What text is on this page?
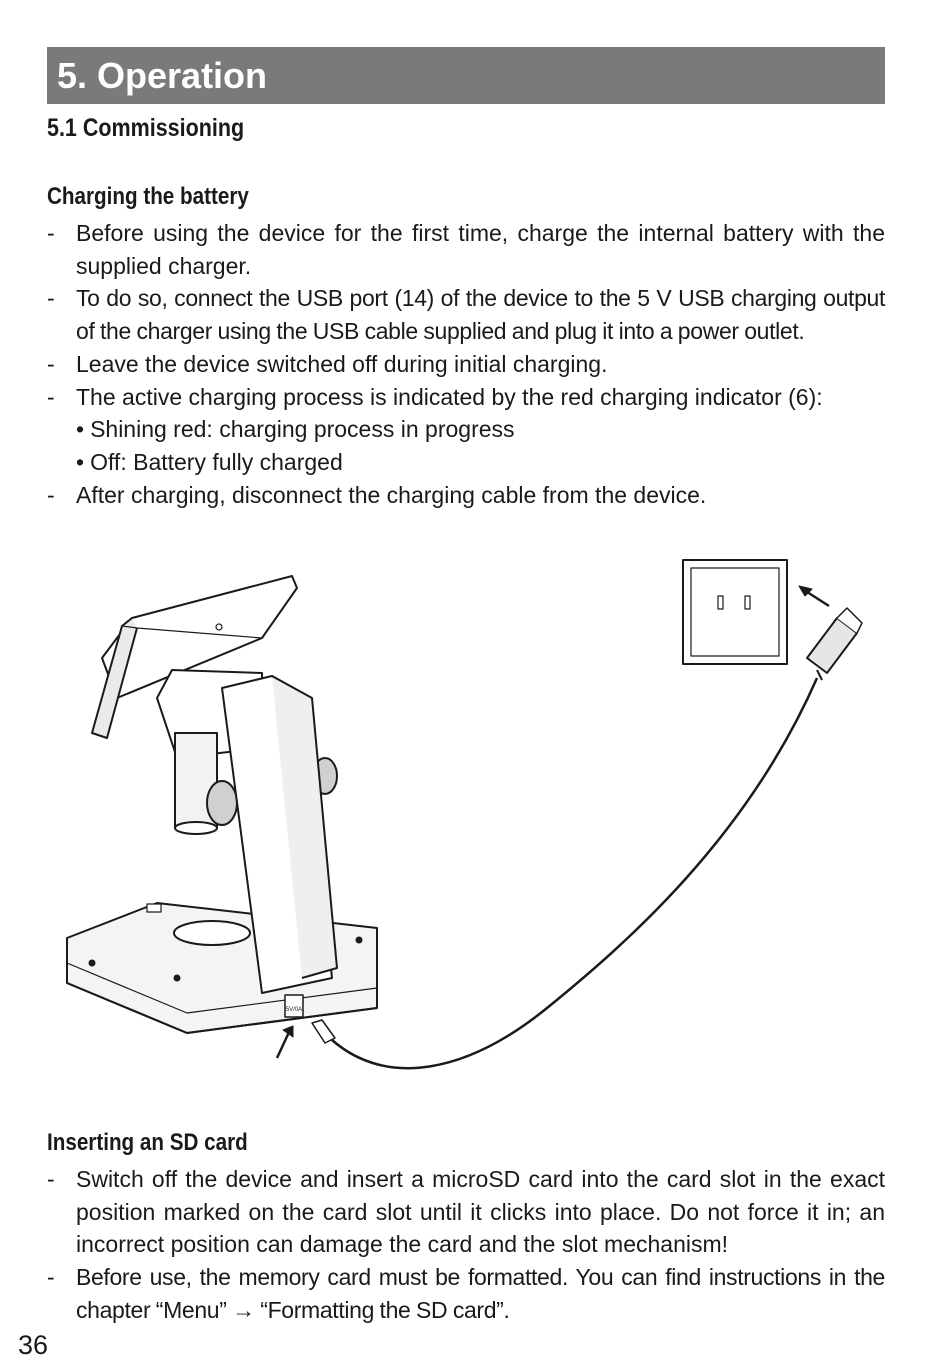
5. Operation
5.1 Commissioning
Charging the battery
- Before using the device for the first time, charge the internal battery with the supplied charger.
- To do so, connect the USB port (14) of the device to the 5 V USB charging output of the charger using the USB cable supplied and plug it into a power outlet.
- Leave the device switched off during initial charging.
- The active charging process is indicated by the red charging indicator (6):
• Shining red: charging process in progress
• Off: Battery fully charged
- After charging, disconnect the charging cable from the device.
5V/0A
Inserting an SD card
- Switch off the device and insert a microSD card into the card slot in the exact position marked on the card slot until it clicks into place. Do not force it in; an incorrect position can damage the card and the slot mechanism!
- Before use, the memory card must be formatted. You can find instructions in the chapter “Menu” → “Formatting the SD card”.
36
